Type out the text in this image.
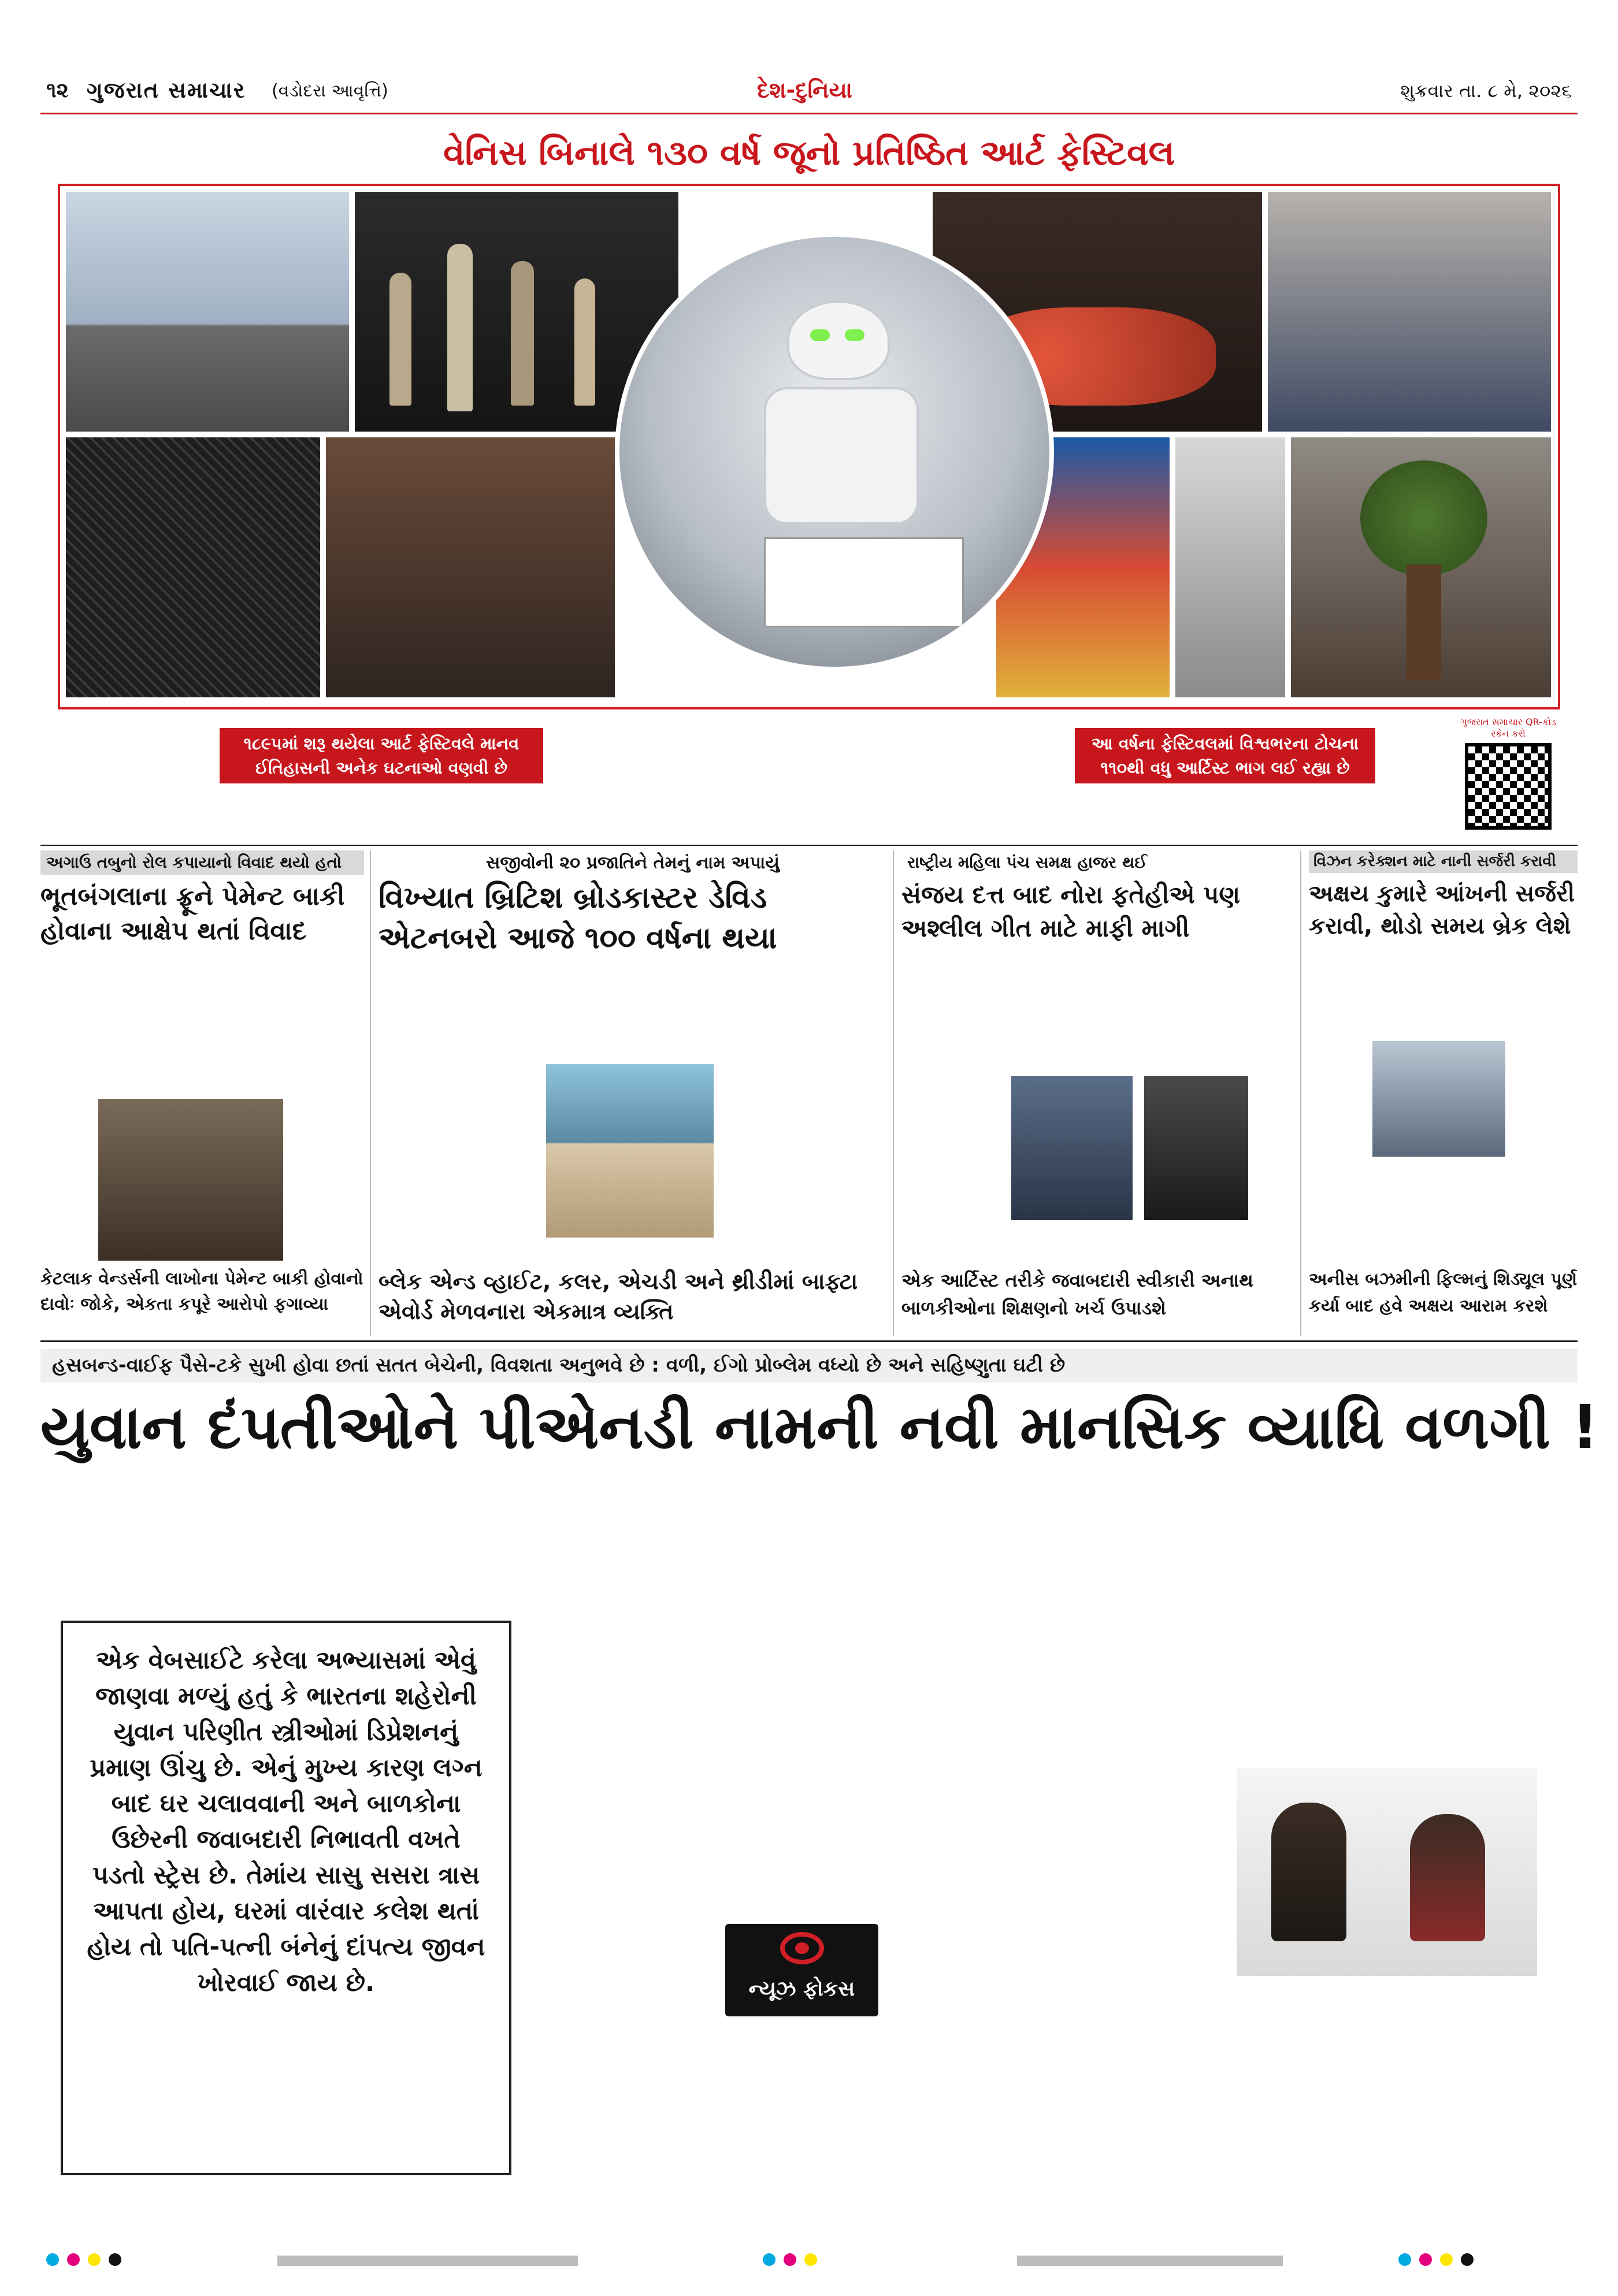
૧૨ ગુજરાત સમાચાર (વડોદરા આવૃત્તિ)	દેશ-દુનિયા	શુક્રવાર તા. ૮ મે, ૨૦૨૬
વેનિસ બિનાલે ૧૩૦ વર્ષ જૂનો પ્રતિષ્ઠિત આર્ટ ફેસ્ટિવલ
૧૮૯૫માં શરૂ થયેલા આર્ટ ફેસ્ટિવલે માનવ ઈતિહાસની અનેક ઘટનાઓ વણવી છે
આ વર્ષના ફેસ્ટિવલમાં વિશ્વભરના ટોચના ૧૧૦થી વધુ આર્ટિસ્ટ ભાગ લઈ રહ્યા છે
ગુજરાત સમાચાર QR-કોડ સ્કેન કરો
અગાઉ તબુનો રોલ કપાયાનો વિવાદ થયો હતો
ભૂતબંગલાના ફ્રૂને પેમેન્ટ બાકી હોવાના આક્ષેપ થતાં વિવાદ
કેટલાક વેન્ડર્સની લાખોના પેમેન્ટ બાકી હોવાનો દાવોઃ જોકે, એકતા કપૂરે આરોપો ફગાવ્યા
સજીવોની ૨૦ પ્રજાતિને તેમનું નામ અપાયું
વિખ્યાત બ્રિટિશ બ્રોડકાસ્ટર ડેવિડ એટનબરો આજે ૧૦૦ વર્ષના થયા
બ્લેક એન્ડ વ્હાઈટ, કલર, એચડી અને થ્રીડીમાં બાફ્ટા એવોર્ડ મેળવનારા એકમાત્ર વ્યક્તિ
રાષ્ટ્રીય મહિલા પંચ સમક્ષ હાજર થઈ
સંજય દત્ત બાદ નોરા ફતેહીએ પણ અશ્લીલ ગીત માટે માફી માગી
એક આર્ટિસ્ટ તરીકે જવાબદારી સ્વીકારી અનાથ બાળકીઓના શિક્ષણનો ખર્ચ ઉપાડશે
વિઝન કરેક્શન માટે નાની સર્જરી કરાવી
અક્ષય કુમારે આંખની સર્જરી કરાવી, થોડો સમય બ્રેક લેશે
અનીસ બઝમીની ફિલ્મનું શિડ્યૂલ પૂર્ણ કર્યા બાદ હવે અક્ષય આરામ કરશે
હસબન્ડ-વાઈફ પૈસે-ટકે સુખી હોવા છતાં સતત બેચેની, વિવશતા અનુભવે છે : વળી, ઈગો પ્રોબ્લેમ વધ્યો છે અને સહિષ્ણુતા ઘટી છે
યુવાન દંપતીઓને પીએનડી નામની નવી માનસિક વ્યાધિ વળગી !
એક વેબસાઈટે કરેલા અભ્યાસમાં એવું જાણવા મળ્યું હતું કે ભારતના શહેરોની યુવાન પરિણીત સ્ત્રીઓમાં ડિપ્રેશનનું પ્રમાણ ઊંચુ છે. એનું મુખ્ય કારણ લગ્ન બાદ ઘર ચલાવવાની અને બાળકોના ઉછેરની જવાબદારી નિભાવતી વખતે પડતો સ્ટ્રેસ છે. તેમાંય સાસુ સસરા ત્રાસ આપતા હોય, ઘરમાં વારંવાર કલેશ થતાં હોય તો પતિ-પત્ની બંનેનું દાંપત્ય જીવન ખોરવાઈ જાય છે.	ન્યૂઝ ફોકસ
